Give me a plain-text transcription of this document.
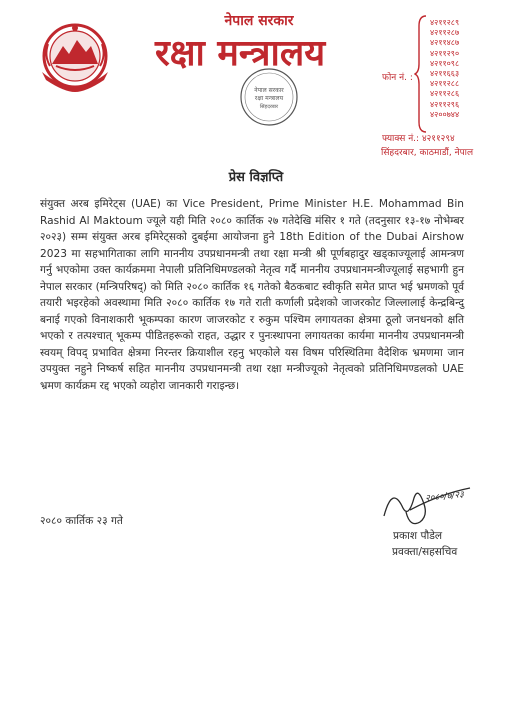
नेपाल सरकार
रक्षा मन्त्रालय
नेपाल सरकार
रक्षा मन्त्रालय
सिंहदरबार
फोन नं. :
४२११२८९
४२११२८७
४२११४८७
४२११२९०
४२११०९८
४२११६६३
४२११२८८
४२११२८६
४२११२९६
४२००७४४
फ्याक्स नं.: ४२११२९४
सिंहदरबार, काठमाडौं, नेपाल
प्रेस विज्ञप्ति
संयुक्त अरब इमिरेट्स (UAE) का Vice President, Prime Minister H.E. Mohammad Bin Rashid Al Maktoum ज्यूले यही मिति २०८० कार्तिक २७ गतेदेखि मंसिर १ गते (तदनुसार १३-१७ नोभेम्बर २०२३) सम्म संयुक्त अरब इमिरेट्सको दुबईमा आयोजना हुने 18th Edition of the Dubai Airshow 2023 मा सहभागिताका लागि माननीय उपप्रधानमन्त्री तथा रक्षा मन्त्री श्री पूर्णबहादुर खड्काज्यूलाई आमन्त्रण गर्नु भएकोमा उक्त कार्यक्रममा नेपाली प्रतिनिधिमण्डलको नेतृत्व गर्दै माननीय उपप्रधानमन्त्रीज्यूलाई सहभागी हुन नेपाल सरकार (मन्त्रिपरिषद्) को मिति २०८० कार्तिक १६ गतेको बैठकबाट स्वीकृति समेत प्राप्त भई भ्रमणको पूर्व तयारी भइरहेको अवस्थामा मिति २०८० कार्तिक १७ गते राती कर्णाली प्रदेशको जाजरकोट जिल्लालाई केन्द्रबिन्दु बनाई गएको विनाशकारी भूकम्पका कारण जाजरकोट र रुकुम पश्चिम लगायतका क्षेत्रमा ठूलो जनधनको क्षति भएको र तत्पश्चात् भूकम्प पीडितहरूको राहत, उद्धार र पुनःस्थापना लगायतका कार्यमा माननीय उपप्रधानमन्त्री स्वयम् विपद् प्रभावित क्षेत्रमा निरन्तर क्रियाशील रहनु भएकोले यस विषम परिस्थितिमा वैदेशिक भ्रमणमा जान उपयुक्त नहुने निष्कर्ष सहित माननीय उपप्रधानमन्त्री तथा रक्षा मन्त्रीज्यूको नेतृत्वको प्रतिनिधिमण्डलको UAE भ्रमण कार्यक्रम रद्द भएको व्यहोरा जानकारी गराइन्छ।
२०८०/७/२३
२०८० कार्तिक २३ गते
प्रकाश पौडेल
प्रवक्ता/सहसचिव
